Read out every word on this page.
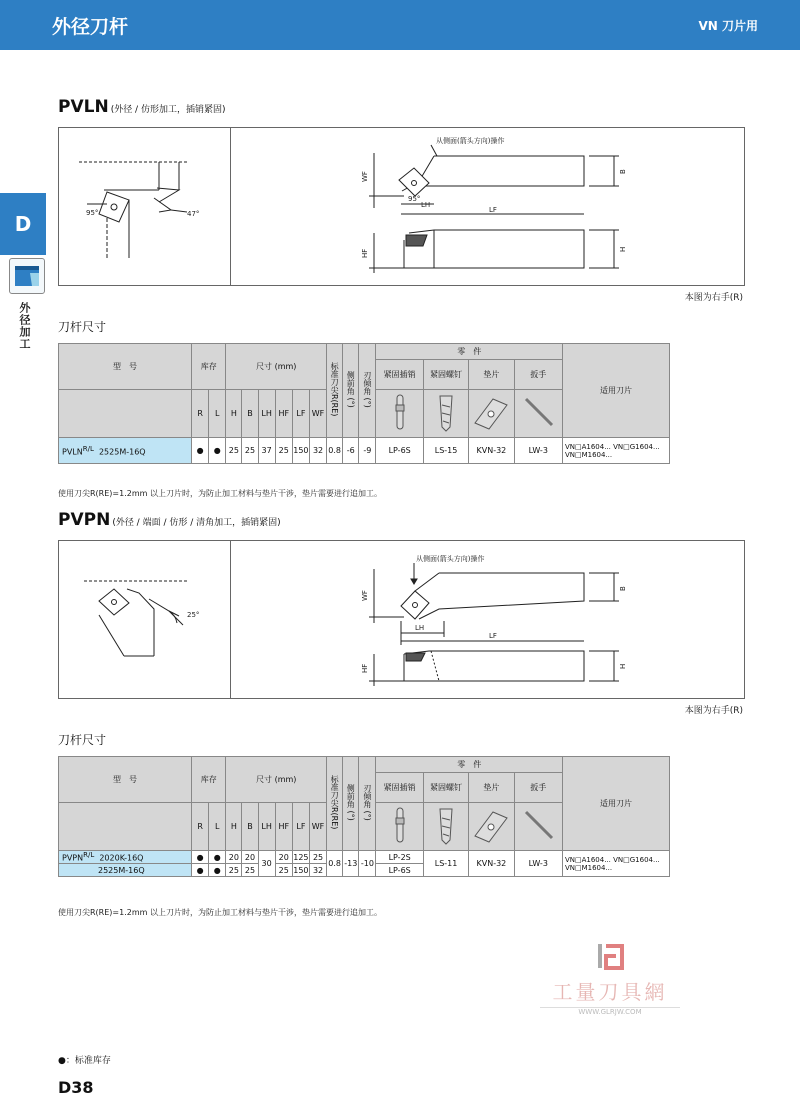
外径刀杆	VN 刀片用
D
外径加工
PVLN (外径 / 仿形加工，插销紧固)
95°	47°
从侧面(箭头方向)操作
95°
WF
LH
LF
B
HF	H
本图为右手(R)
刀杆尺寸
型　号	库存		尺寸 (mm)						标准刀尖R(RE)	侧前角 (°)	刃倾角 (°)	零　件				适用刀片
												紧固插销	紧固螺钉	垫片	扳手	
	R	L	H	B	LH	HF	LF	WF				
$PVLN^{R/L}$ 2525M-16Q	●	●	25	25	37	25	150	32	0.8	-6	-9	LP-6S	LS-15	KVN-32	LW-3	VN□A1604... VN□G1604...
VN□M1604...
使用刀尖R(RE)=1.2mm 以上刀片时，为防止加工材料与垫片干涉，垫片需要进行追加工。
PVPN (外径 / 端面 / 仿形 / 清角加工，插销紧固)
25°
从侧面(箭头方向)操作
WF
LH
LF
B
HF	H
本图为右手(R)
刀杆尺寸
型　号	库存		尺寸 (mm)						标准刀尖R(RE)	侧前角 (°)	刃倾角 (°)	零　件				适用刀片
												紧固插销	紧固螺钉	垫片	扳手	
	R	L	H	B	LH	HF	LF	WF				
$PVPN^{R/L}$ 2020K-16Q	●	●	20	20	30	20	125	25	0.8	-13	-10	LP-2S	LS-11	KVN-32	LW-3	VN□A1604... VN□G1604...
VN□M1604...

2525M-16Q	●	●	25	25		25	150	32				LP-6S				
使用刀尖R(RE)=1.2mm 以上刀片时，为防止加工材料与垫片干涉，垫片需要进行追加工。
工量刀具網
WWW.GLRJW.COM
●：标准库存
D38
